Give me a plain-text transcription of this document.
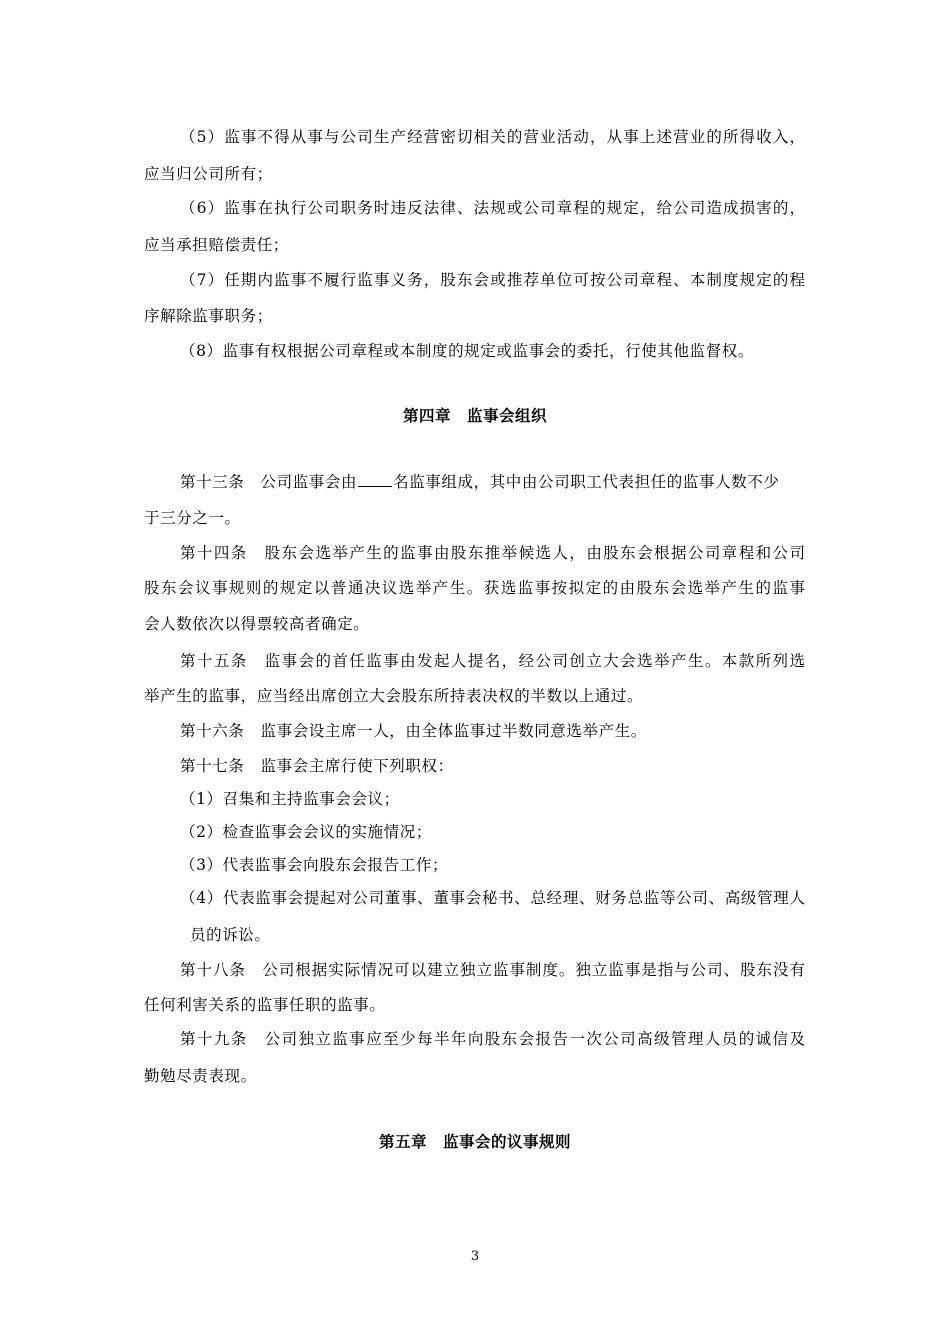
（5）监事不得从事与公司生产经营密切相关的营业活动，从事上述营业的所得收入，
应当归公司所有；
（6）监事在执行公司职务时违反法律、法规或公司章程的规定，给公司造成损害的，
应当承担赔偿责任；
（7）任期内监事不履行监事义务，股东会或推荐单位可按公司章程、本制度规定的程
序解除监事职务；
（8）监事有权根据公司章程或本制度的规定或监事会的委托，行使其他监督权。
第四章　监事会组织
第十三条　公司监事会由 名监事组成，其中由公司职工代表担任的监事人数不少
于三分之一。
第十四条　股东会选举产生的监事由股东推举候选人，由股东会根据公司章程和公司
股东会议事规则的规定以普通决议选举产生。获选监事按拟定的由股东会选举产生的监事
会人数依次以得票较高者确定。
第十五条　监事会的首任监事由发起人提名，经公司创立大会选举产生。本款所列选
举产生的监事，应当经出席创立大会股东所持表决权的半数以上通过。
第十六条　监事会设主席一人，由全体监事过半数同意选举产生。
第十七条　监事会主席行使下列职权：
（1）召集和主持监事会会议；
（2）检查监事会会议的实施情况；
（3）代表监事会向股东会报告工作；
（4）代表监事会提起对公司董事、董事会秘书、总经理、财务总监等公司、高级管理人
员的诉讼。
第十八条　公司根据实际情况可以建立独立监事制度。独立监事是指与公司、股东没有
任何利害关系的监事任职的监事。
第十九条　公司独立监事应至少每半年向股东会报告一次公司高级管理人员的诚信及
勤勉尽责表现。
第五章　监事会的议事规则
3
